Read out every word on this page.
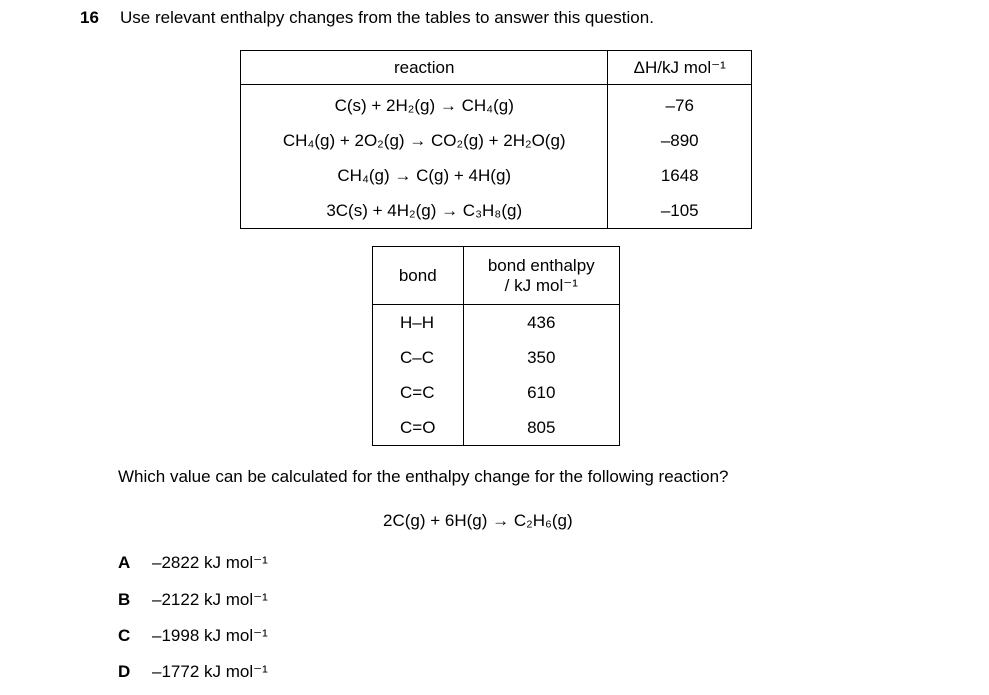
16 Use relevant enthalpy changes from the tables to answer this question.
reaction	ΔH/kJ mol⁻¹
C(s) + 2H₂(g) → CH₄(g)	–76
CH₄(g) + 2O₂(g) → CO₂(g) + 2H₂O(g)	–890
CH₄(g) → C(g) + 4H(g)	1648
3C(s) + 4H₂(g) → C₃H₈(g)	–105
bond	bond enthalpy
/ kJ mol⁻¹

H–H	436
C–C	350
C=C	610
C=O	805
Which value can be calculated for the enthalpy change for the following reaction?
2C(g) + 6H(g) → C₂H₆(g)
A –2822 kJ mol⁻¹
B –2122 kJ mol⁻¹
C –1998 kJ mol⁻¹
D –1772 kJ mol⁻¹
